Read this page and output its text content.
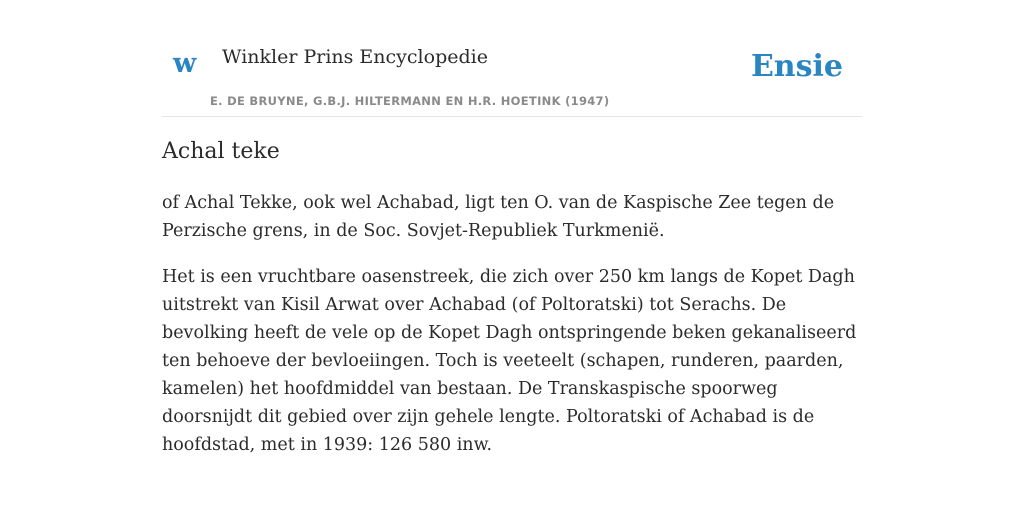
w Winkler Prins Encyclopedie
E. DE BRUYNE, G.B.J. HILTERMANN EN H.R. HOETINK (1947)
Ensie
Achal teke

of Achal Tekke, ook wel Achabad, ligt ten O. van de Kaspische Zee tegen de Perzische grens, in de Soc. Sovjet-Republiek Turkmenië.

Het is een vruchtbare oasenstreek, die zich over 250 km langs de Kopet Dagh uitstrekt van Kisil Arwat over Achabad (of Poltoratski) tot Serachs. De bevolking heeft de vele op de Kopet Dagh ontspringende beken gekanaliseerd ten behoeve der bevloeiingen. Toch is veeteelt (schapen, runderen, paarden, kamelen) het hoofdmiddel van bestaan. De Transkaspische spoorweg doorsnijdt dit gebied over zijn gehele lengte. Poltoratski of Achabad is de hoofdstad, met in 1939: 126 580 inw.
